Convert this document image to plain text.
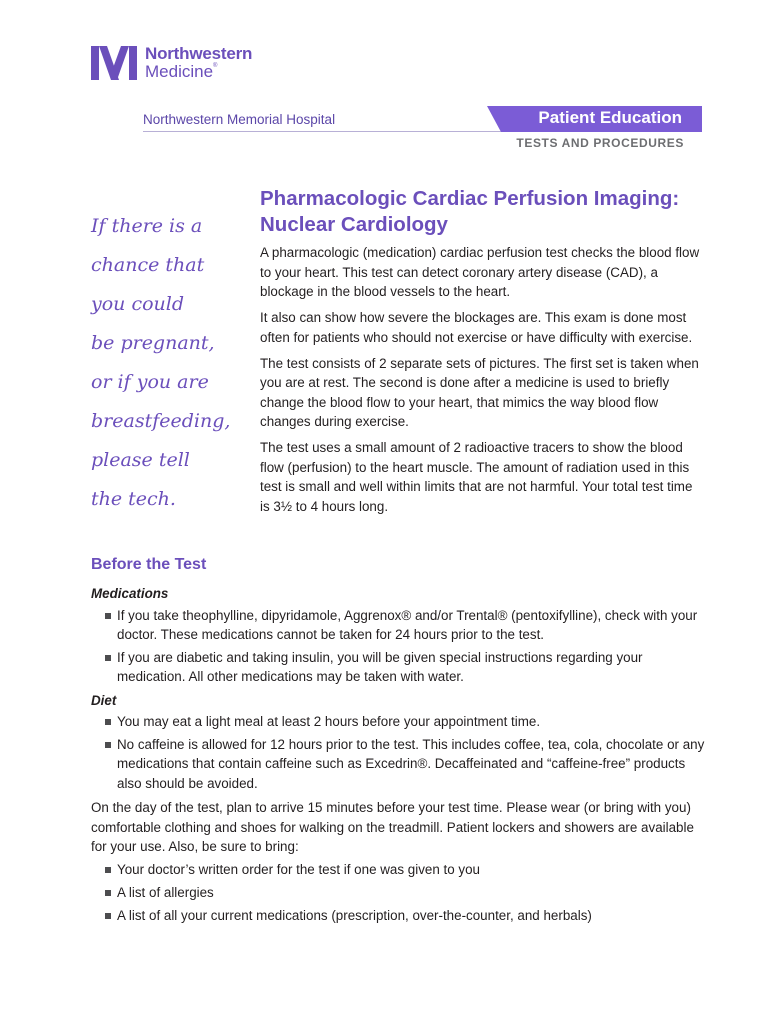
Northwestern
Medicine®
Northwestern Memorial Hospital	Patient Education
TESTS AND PROCEDURES
If there is a
chance that
you could
be pregnant,
or if you are
breastfeeding,
please tell
the tech.
Pharmacologic Cardiac Perfusion Imaging:
Nuclear Cardiology

A pharmacologic (medication) cardiac perfusion test checks the blood flow to your heart. This test can detect coronary artery disease (CAD), a blockage in the blood vessels to the heart.

It also can show how severe the blockages are. This exam is done most often for patients who should not exercise or have difficulty with exercise.

The test consists of 2 separate sets of pictures. The first set is taken when you are at rest. The second is done after a medicine is used to briefly change the blood flow to your heart, that mimics the way blood flow changes during exercise.

The test uses a small amount of 2 radioactive tracers to show the blood flow (perfusion) to the heart muscle. The amount of radiation used in this test is small and well within limits that are not harmful. Your total test time is 3½ to 4 hours long.

Before the Test
Medications
If you take theophylline, dipyridamole, Aggrenox® and/or Trental® (pentoxifylline), check with your doctor. These medications cannot be taken for 24 hours prior to the test.
If you are diabetic and taking insulin, you will be given special instructions regarding your medication. All other medications may be taken with water.
Diet
You may eat a light meal at least 2 hours before your appointment time.
No caffeine is allowed for 12 hours prior to the test. This includes coffee, tea, cola, chocolate or any medications that contain caffeine such as Excedrin®. Decaffeinated and “caffeine-free” products also should be avoided.

On the day of the test, plan to arrive 15 minutes before your test time. Please wear (or bring with you) comfortable clothing and shoes for walking on the treadmill. Patient lockers and showers are available for your use. Also, be sure to bring:

Your doctor’s written order for the test if one was given to you
A list of allergies
A list of all your current medications (prescription, over-the-counter, and herbals)
